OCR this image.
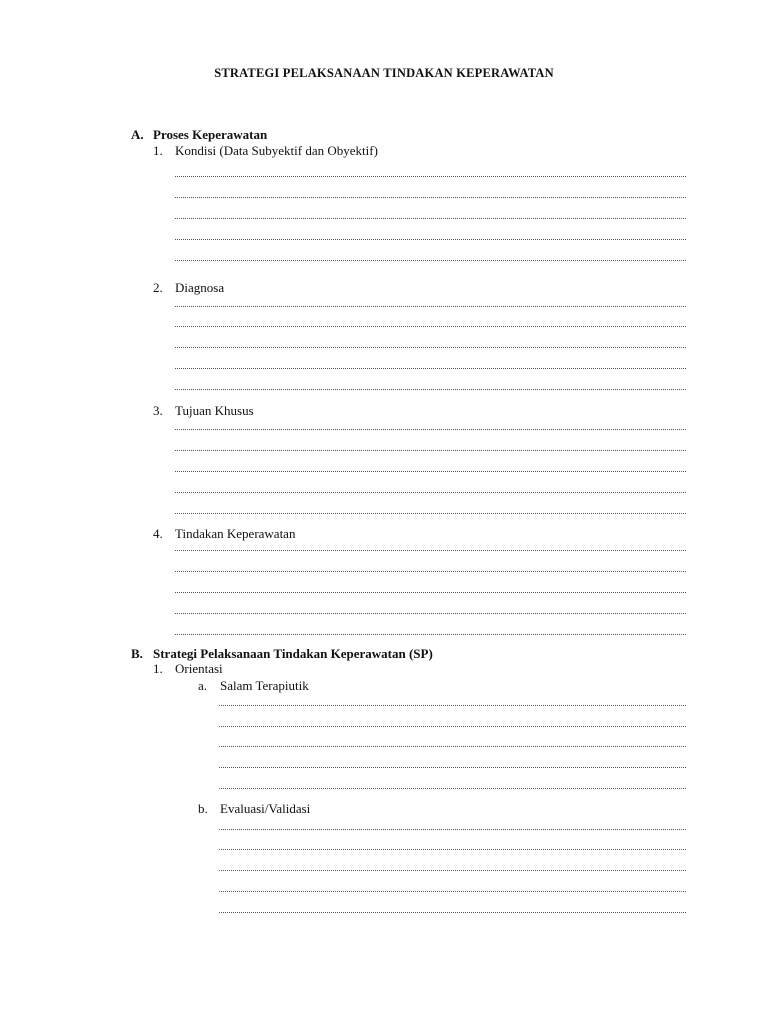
STRATEGI PELAKSANAAN TINDAKAN KEPERAWATAN
A. Proses Keperawatan
1. Kondisi (Data Subyektif dan Obyektif)
2. Diagnosa
3. Tujuan Khusus
4. Tindakan Keperawatan
B. Strategi Pelaksanaan Tindakan Keperawatan (SP)
1. Orientasi
a. Salam Terapiutik
b. Evaluasi/Validasi
